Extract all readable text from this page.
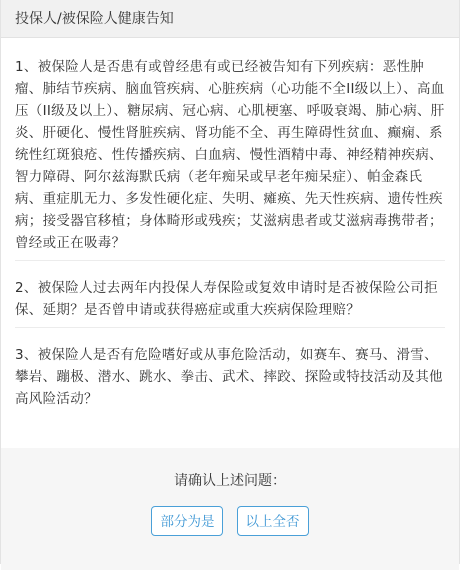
投保人/被保险人健康告知
1、被保险人是否患有或曾经患有或已经被告知有下列疾病：恶性肿瘤、肺结节疾病、脑血管疾病、心脏疾病（心功能不全II级以上）、高血压（II级及以上）、糖尿病、冠心病、心肌梗塞、呼吸衰竭、肺心病、肝炎、肝硬化、慢性肾脏疾病、肾功能不全、再生障碍性贫血、癫痫、系统性红斑狼疮、性传播疾病、白血病、慢性酒精中毒、神经精神疾病、智力障碍、阿尔兹海默氏病（老年痴呆或早老年痴呆症）、帕金森氏病、重症肌无力、多发性硬化症、失明、瘫痪、先天性疾病、遗传性疾病；接受器官移植；身体畸形或残疾；艾滋病患者或艾滋病毒携带者；曾经或正在吸毒？
2、被保险人过去两年内投保人寿保险或复效申请时是否被保险公司拒保、延期？是否曾申请或获得癌症或重大疾病保险理赔？
3、被保险人是否有危险嗜好或从事危险活动，如赛车、赛马、滑雪、攀岩、蹦极、潜水、跳水、拳击、武术、摔跤、探险或特技活动及其他高风险活动？
请确认上述问题：
部分为是 以上全否
